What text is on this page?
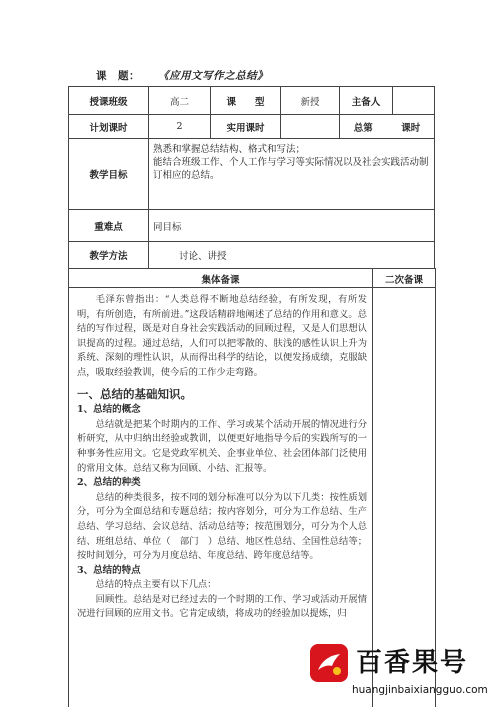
课　题： 《应用文写作之总结》
授课班级	高二	课　　型	新授	主备人	
计划课时	2	实用课时		总第　　　课时	
教学目标	熟悉和掌握总结结构、格式和写法；

能结合班级工作、个人工作与学习等实际情况以及社会实践活动制订相应的总结。				

重难点	同目标				
教学方法	讨论、讲授				
集体备课	二次备课

毛泽东曾指出：“人类总得不断地总结经验，有所发现，有所发明，有所创造，有所前进。”这段话精辟地阐述了总结的作用和意义。总结的写作过程，既是对自身社会实践活动的回顾过程，又是人们思想认识提高的过程。通过总结，人们可以把零散的、肤浅的感性认识上升为系统、深刻的理性认识，从而得出科学的结论，以便发扬成绩，克服缺点，吸取经验教训，使今后的工作少走弯路。

一、总结的基础知识。

1、总结的概念

总结就是把某个时期内的工作、学习或某个活动开展的情况进行分析研究，从中归纳出经验或教训，以便更好地指导今后的实践所写的一种事务性应用文。它是党政军机关、企事业单位、社会团体部门泛使用的常用文体。总结又称为回顾、小结、汇报等。

2、总结的种类

总结的种类很多，按不同的划分标准可以分为以下几类：按性质划分，可分为全面总结和专题总结；按内容划分，可分为工作总结、生产总结、学习总结、会议总结、活动总结等；按范围划分，可分为个人总结、班组总结、单位（　部门　）总结、地区性总结、全国性总结等；按时间划分，可分为月度总结、年度总结、跨年度总结等。

3、总结的特点

总结的特点主要有以下几点：

回顾性。总结是对已经过去的一个时期的工作、学习或活动开展情况进行回顾的应用文书。它肯定成绩，将成功的经验加以提炼，归

百香果号
huangjinbaixiangguo.com
